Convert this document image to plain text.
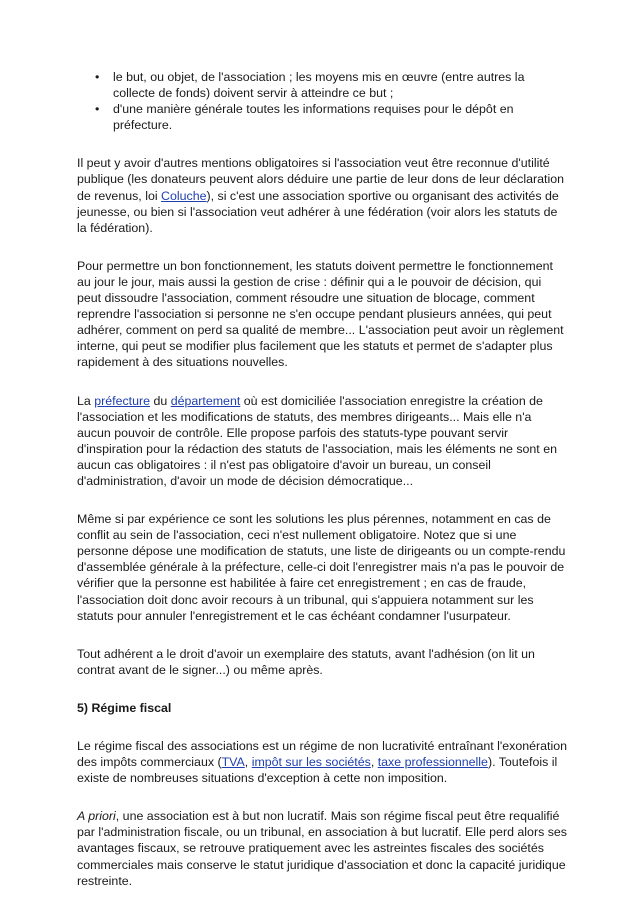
• le but, ou objet, de l'association ; les moyens mis en œuvre (entre autres la collecte de fonds) doivent servir à atteindre ce but ;
• d'une manière générale toutes les informations requises pour le dépôt en préfecture.

Il peut y avoir d'autres mentions obligatoires si l'association veut être reconnue d'utilité publique (les donateurs peuvent alors déduire une partie de leur dons de leur déclaration de revenus, loi Coluche), si c'est une association sportive ou organisant des activités de jeunesse, ou bien si l'association veut adhérer à une fédération (voir alors les statuts de la fédération).

Pour permettre un bon fonctionnement, les statuts doivent permettre le fonctionnement au jour le jour, mais aussi la gestion de crise : définir qui a le pouvoir de décision, qui peut dissoudre l'association, comment résoudre une situation de blocage, comment reprendre l'association si personne ne s'en occupe pendant plusieurs années, qui peut adhérer, comment on perd sa qualité de membre... L'association peut avoir un règlement interne, qui peut se modifier plus facilement que les statuts et permet de s'adapter plus rapidement à des situations nouvelles.

La préfecture du département où est domiciliée l'association enregistre la création de l'association et les modifications de statuts, des membres dirigeants... Mais elle n'a aucun pouvoir de contrôle. Elle propose parfois des statuts-type pouvant servir d'inspiration pour la rédaction des statuts de l'association, mais les éléments ne sont en aucun cas obligatoires : il n'est pas obligatoire d'avoir un bureau, un conseil d'administration, d'avoir un mode de décision démocratique...

Même si par expérience ce sont les solutions les plus pérennes, notamment en cas de conflit au sein de l'association, ceci n'est nullement obligatoire. Notez que si une personne dépose une modification de statuts, une liste de dirigeants ou un compte-rendu d'assemblée générale à la préfecture, celle-ci doit l'enregistrer mais n'a pas le pouvoir de vérifier que la personne est habilitée à faire cet enregistrement ; en cas de fraude, l'association doit donc avoir recours à un tribunal, qui s'appuiera notamment sur les statuts pour annuler l'enregistrement et le cas échéant condamner l'usurpateur.

Tout adhérent a le droit d'avoir un exemplaire des statuts, avant l'adhésion (on lit un contrat avant de le signer...) ou même après.

5) Régime fiscal

Le régime fiscal des associations est un régime de non lucrativité entraînant l'exonération des impôts commerciaux (TVA, impôt sur les sociétés, taxe professionnelle). Toutefois il existe de nombreuses situations d'exception à cette non imposition.

A priori, une association est à but non lucratif. Mais son régime fiscal peut être requalifié par l'administration fiscale, ou un tribunal, en association à but lucratif. Elle perd alors ses avantages fiscaux, se retrouve pratiquement avec les astreintes fiscales des sociétés commerciales mais conserve le statut juridique d'association et donc la capacité juridique restreinte.
